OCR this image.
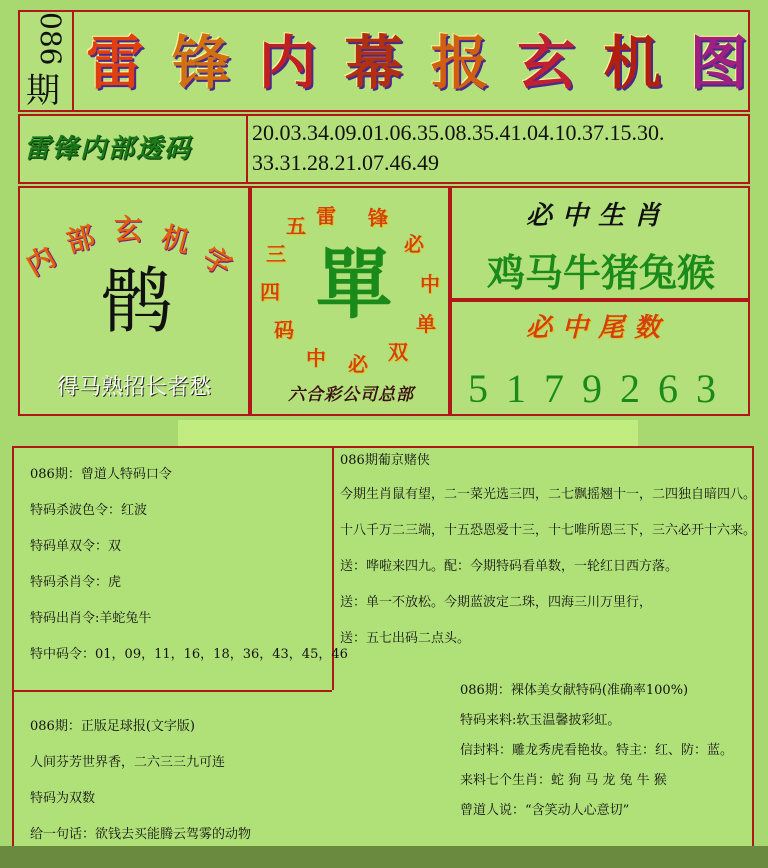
086
期 雷 锋 内 幕 报 玄 机 图
雷锋内部透码
20.03.34.09.01.06.35.08.35.41.04.10.37.15.30.
33.31.28.21.07.46.49
内
部 玄 机
字
鹘
得马熟招长者愁
雷 锋
必
中
单
双
必
中
码
四
三
五
單
六合彩公司总部
必中生肖
鸡马牛猪兔猴
必中尾数
5179263
086期：曾道人特码口令
特码杀波色令：红波
特码单双令：双
特码杀肖令：虎
特码出肖令:羊蛇兔牛
特中码令：01，09，11，16，18，36，43，45，46
086期葡京赌侠
今期生肖鼠有望，二一菜光选三四，二七飘摇翘十一，二四独自暗四八。
十八千万二三端，十五恐恩爱十三，十七唯所恩三下，三六必开十六来。
送：哗啦来四九。配：今期特码看单数，一轮红日西方落。
送：单一不放松。今期蓝波定二珠，四海三川万里行，
送：五七出码二点头。
086期：正版足球报(文字版)
人间芬芳世界香，二六三三九可连
特码为双数
给一句话：欲钱去买能腾云驾雾的动物
086期：裸体美女献特码(准确率100%)
特码来料:软玉温馨披彩虹。
信封料：雕龙秀虎看艳妆。特主：红、防：蓝。
来料七个生肖：蛇 狗 马 龙 兔 牛 猴
曾道人说：“含笑动人心意切”
